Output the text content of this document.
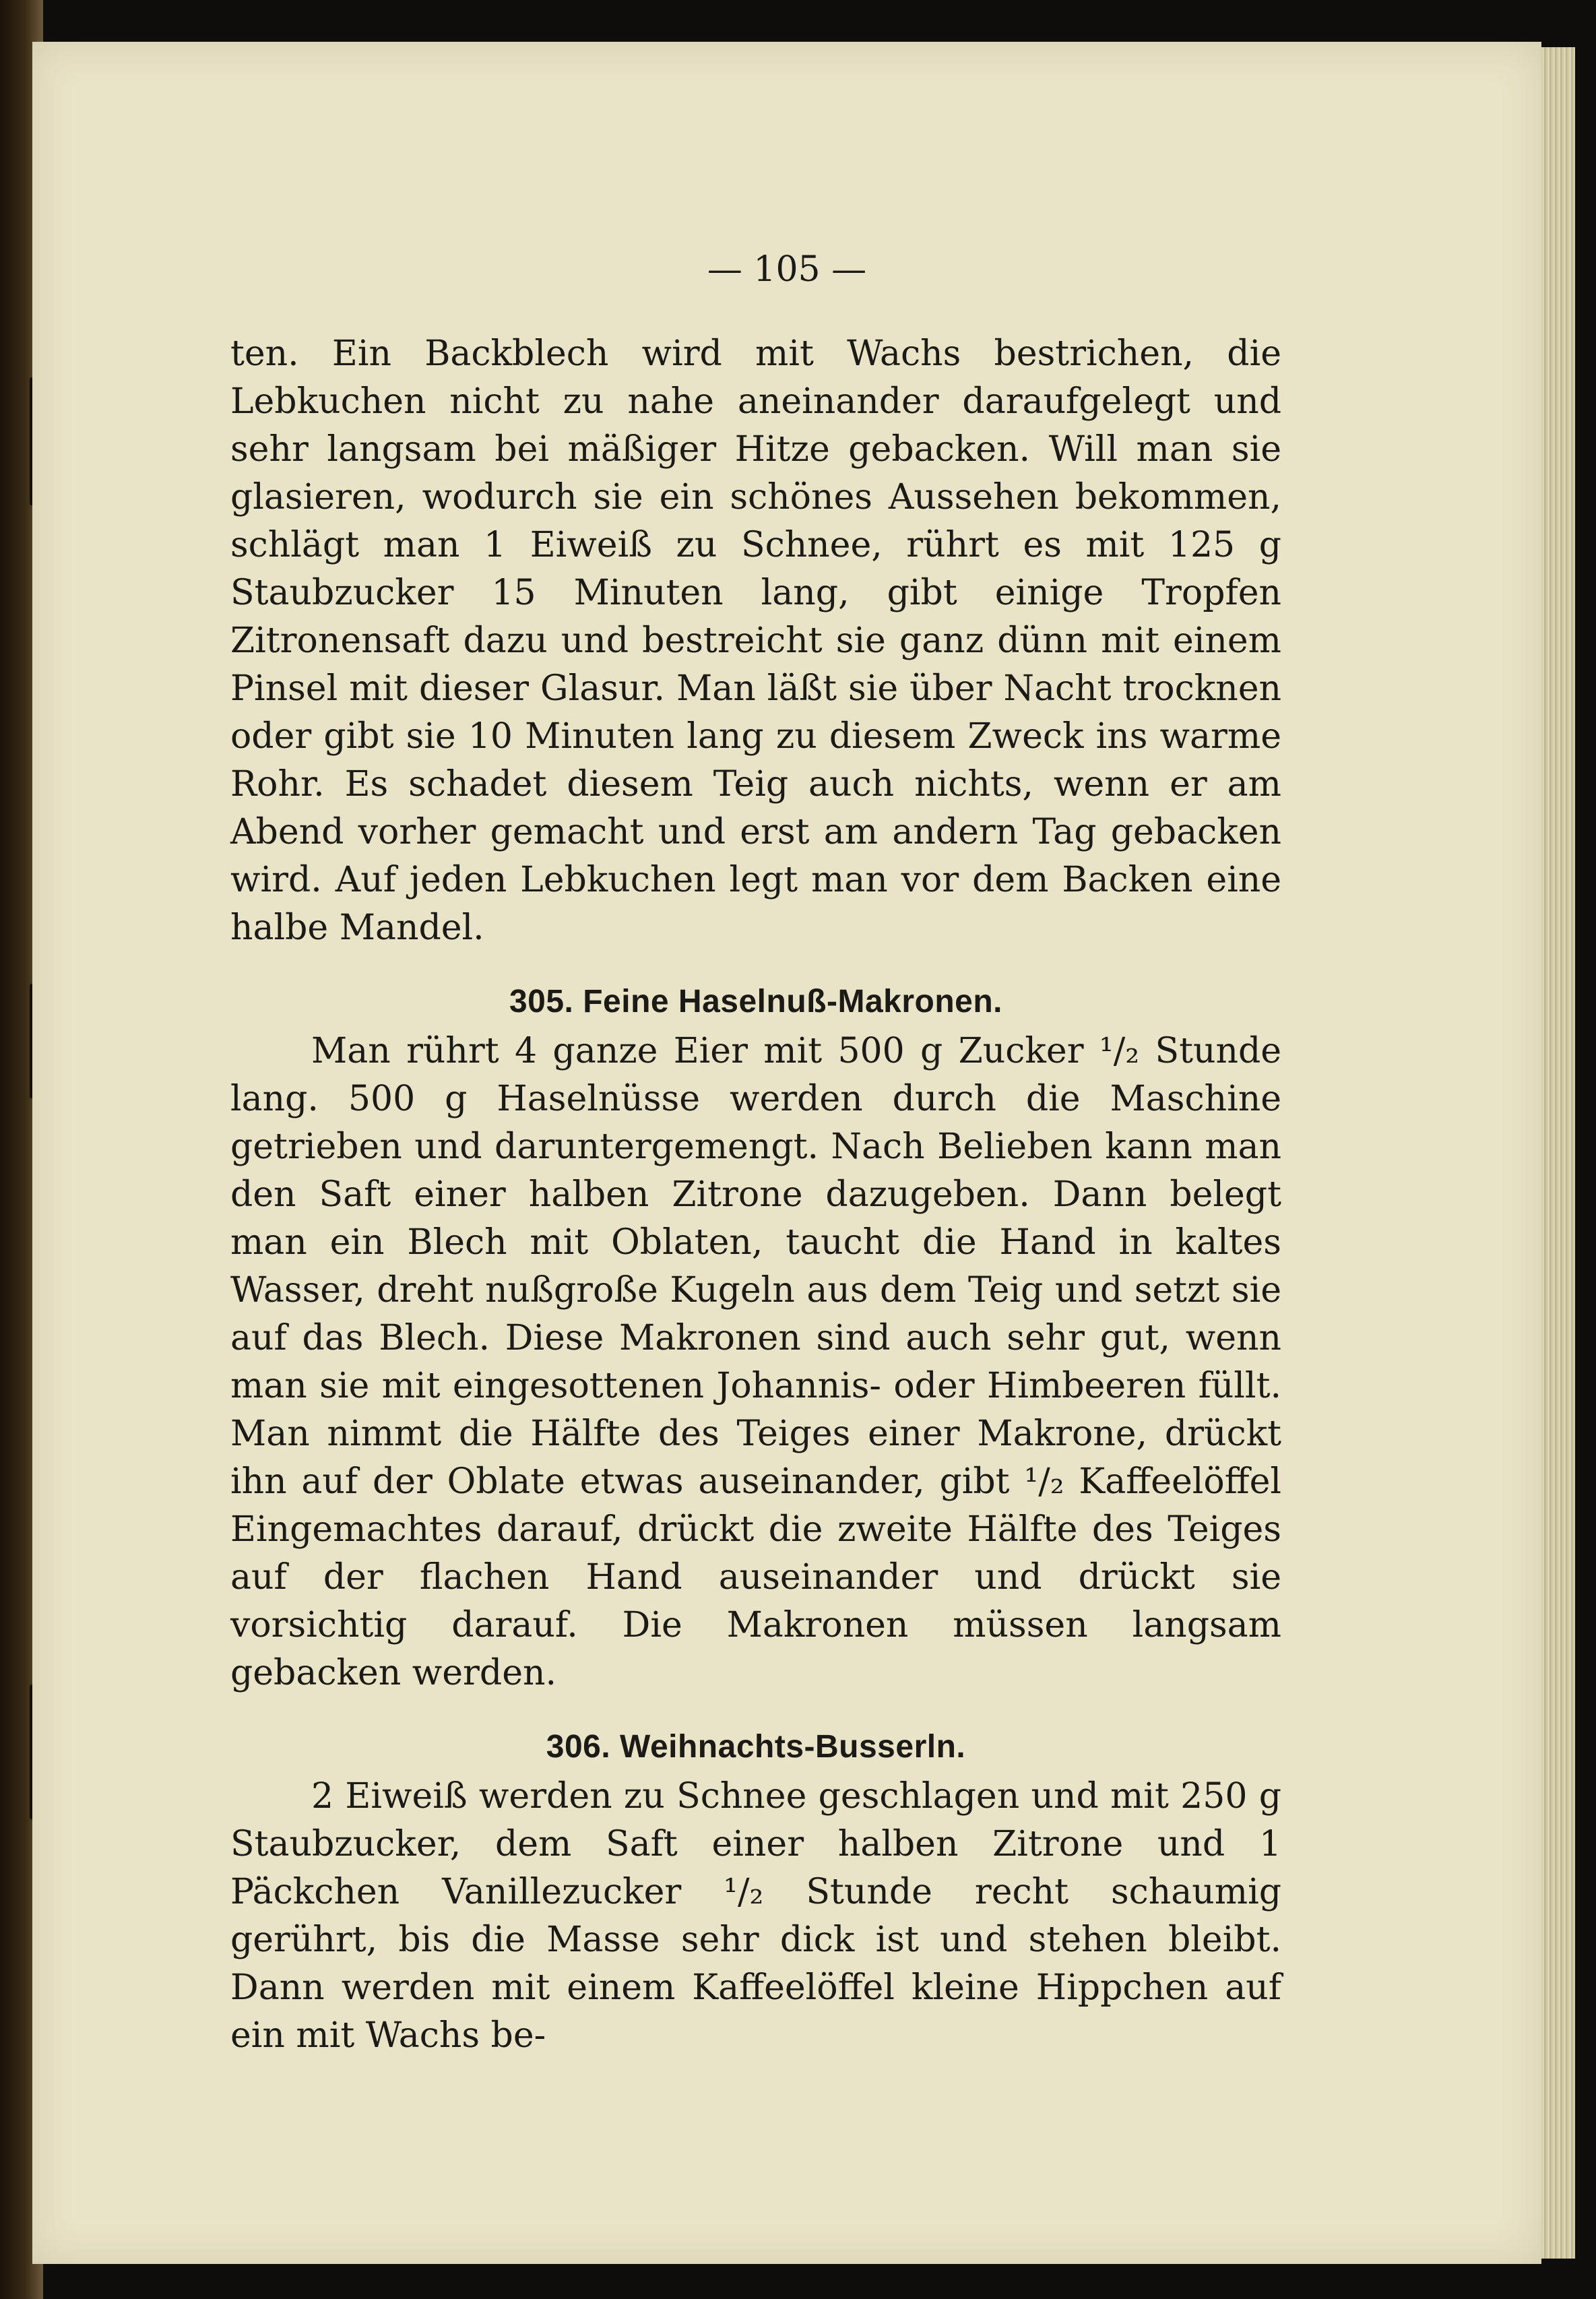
— 105 —

ten. Ein Backblech wird mit Wachs bestrichen, die Lebkuchen nicht zu nahe aneinander daraufgelegt und sehr langsam bei mäßiger Hitze gebacken. Will man sie glasieren, wodurch sie ein schönes Aussehen bekommen, schlägt man 1 Eiweiß zu Schnee, rührt es mit 125 g Staubzucker 15 Minuten lang, gibt einige Tropfen Zitronensaft dazu und bestreicht sie ganz dünn mit einem Pinsel mit dieser Glasur. Man läßt sie über Nacht trocknen oder gibt sie 10 Minuten lang zu diesem Zweck ins warme Rohr. Es schadet diesem Teig auch nichts, wenn er am Abend vorher gemacht und erst am andern Tag gebacken wird. Auf jeden Lebkuchen legt man vor dem Backen eine halbe Mandel.

305. Feine Haselnuß-Makronen.

Man rührt 4 ganze Eier mit 500 g Zucker ¹/₂ Stunde lang. 500 g Haselnüsse werden durch die Maschine getrieben und daruntergemengt. Nach Belieben kann man den Saft einer halben Zitrone dazugeben. Dann belegt man ein Blech mit Oblaten, taucht die Hand in kaltes Wasser, dreht nußgroße Kugeln aus dem Teig und setzt sie auf das Blech. Diese Makronen sind auch sehr gut, wenn man sie mit eingesottenen Johannis- oder Himbeeren füllt. Man nimmt die Hälfte des Teiges einer Makrone, drückt ihn auf der Oblate etwas auseinander, gibt ¹/₂ Kaffeelöffel Eingemachtes darauf, drückt die zweite Hälfte des Teiges auf der flachen Hand auseinander und drückt sie vorsichtig darauf. Die Makronen müssen langsam gebacken werden.

306. Weihnachts-Busserln.

2 Eiweiß werden zu Schnee geschlagen und mit 250 g Staubzucker, dem Saft einer halben Zitrone und 1 Päckchen Vanillezucker ¹/₂ Stunde recht schaumig gerührt, bis die Masse sehr dick ist und stehen bleibt. Dann werden mit einem Kaffeelöffel kleine Hippchen auf ein mit Wachs be-
